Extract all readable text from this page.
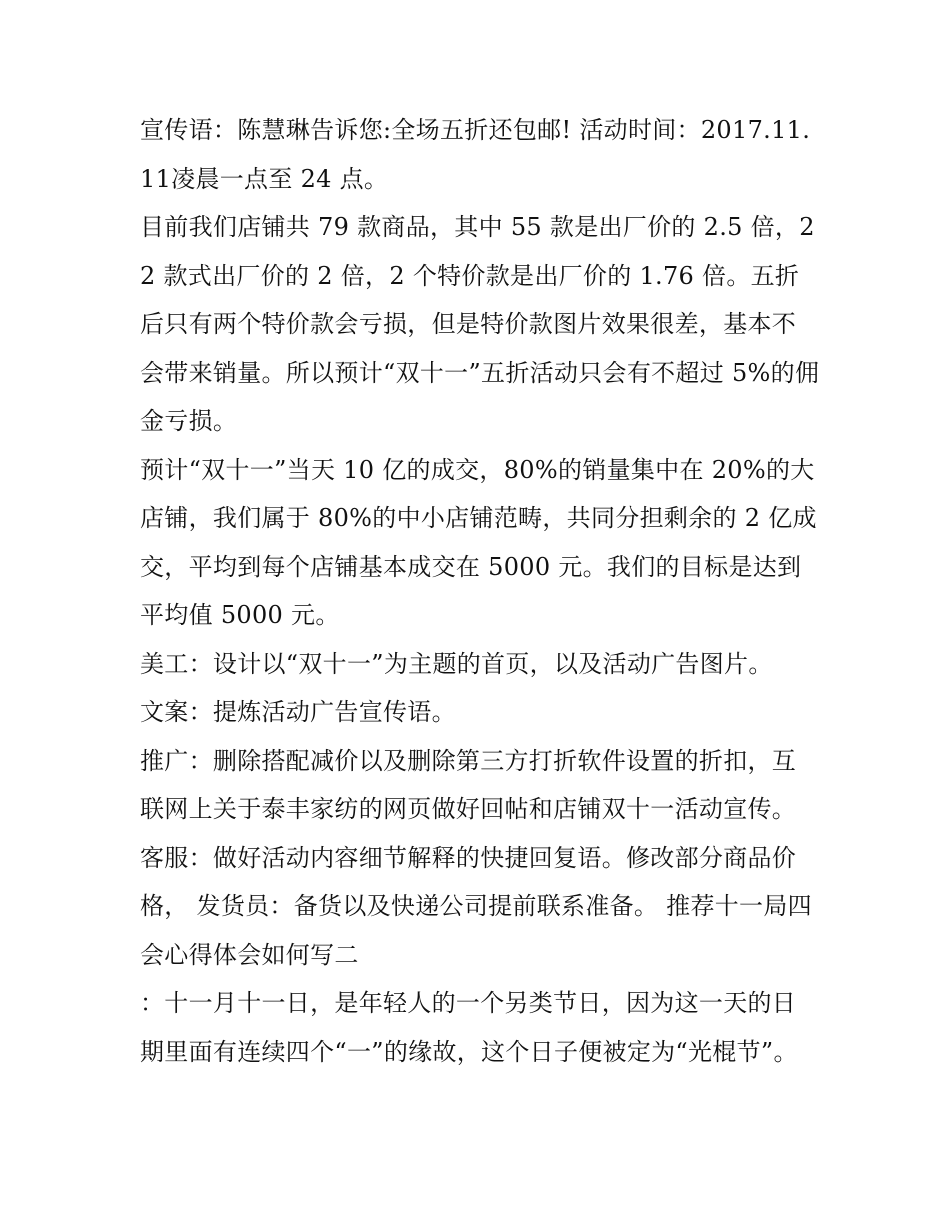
宣传语：陈慧琳告诉您:全场五折还包邮! 活动时间：2017.11.11凌晨一点至 24 点。

目前我们店铺共 79 款商品，其中 55 款是出厂价的 2.5 倍，22 款式出厂价的 2 倍，2 个特价款是出厂价的 1.76 倍。五折后只有两个特价款会亏损，但是特价款图片效果很差，基本不会带来销量。所以预计“双十一”五折活动只会有不超过 5%的佣金亏损。

预计“双十一”当天 10 亿的成交，80%的销量集中在 20%的大店铺，我们属于 80%的中小店铺范畴，共同分担剩余的 2 亿成交，平均到每个店铺基本成交在 5000 元。我们的目标是达到平均值 5000 元。

美工：设计以“双十一”为主题的首页，以及活动广告图片。

文案：提炼活动广告宣传语。

推广：删除搭配减价以及删除第三方打折软件设置的折扣，互联网上关于泰丰家纺的网页做好回帖和店铺双十一活动宣传。

客服：做好活动内容细节解释的快捷回复语。修改部分商品价格， 发货员：备货以及快递公司提前联系准备。 推荐十一局四会心得体会如何写二

：十一月十一日，是年轻人的一个另类节日，因为这一天的日期里面有连续四个“一”的缘故，这个日子便被定为“光棍节”。
